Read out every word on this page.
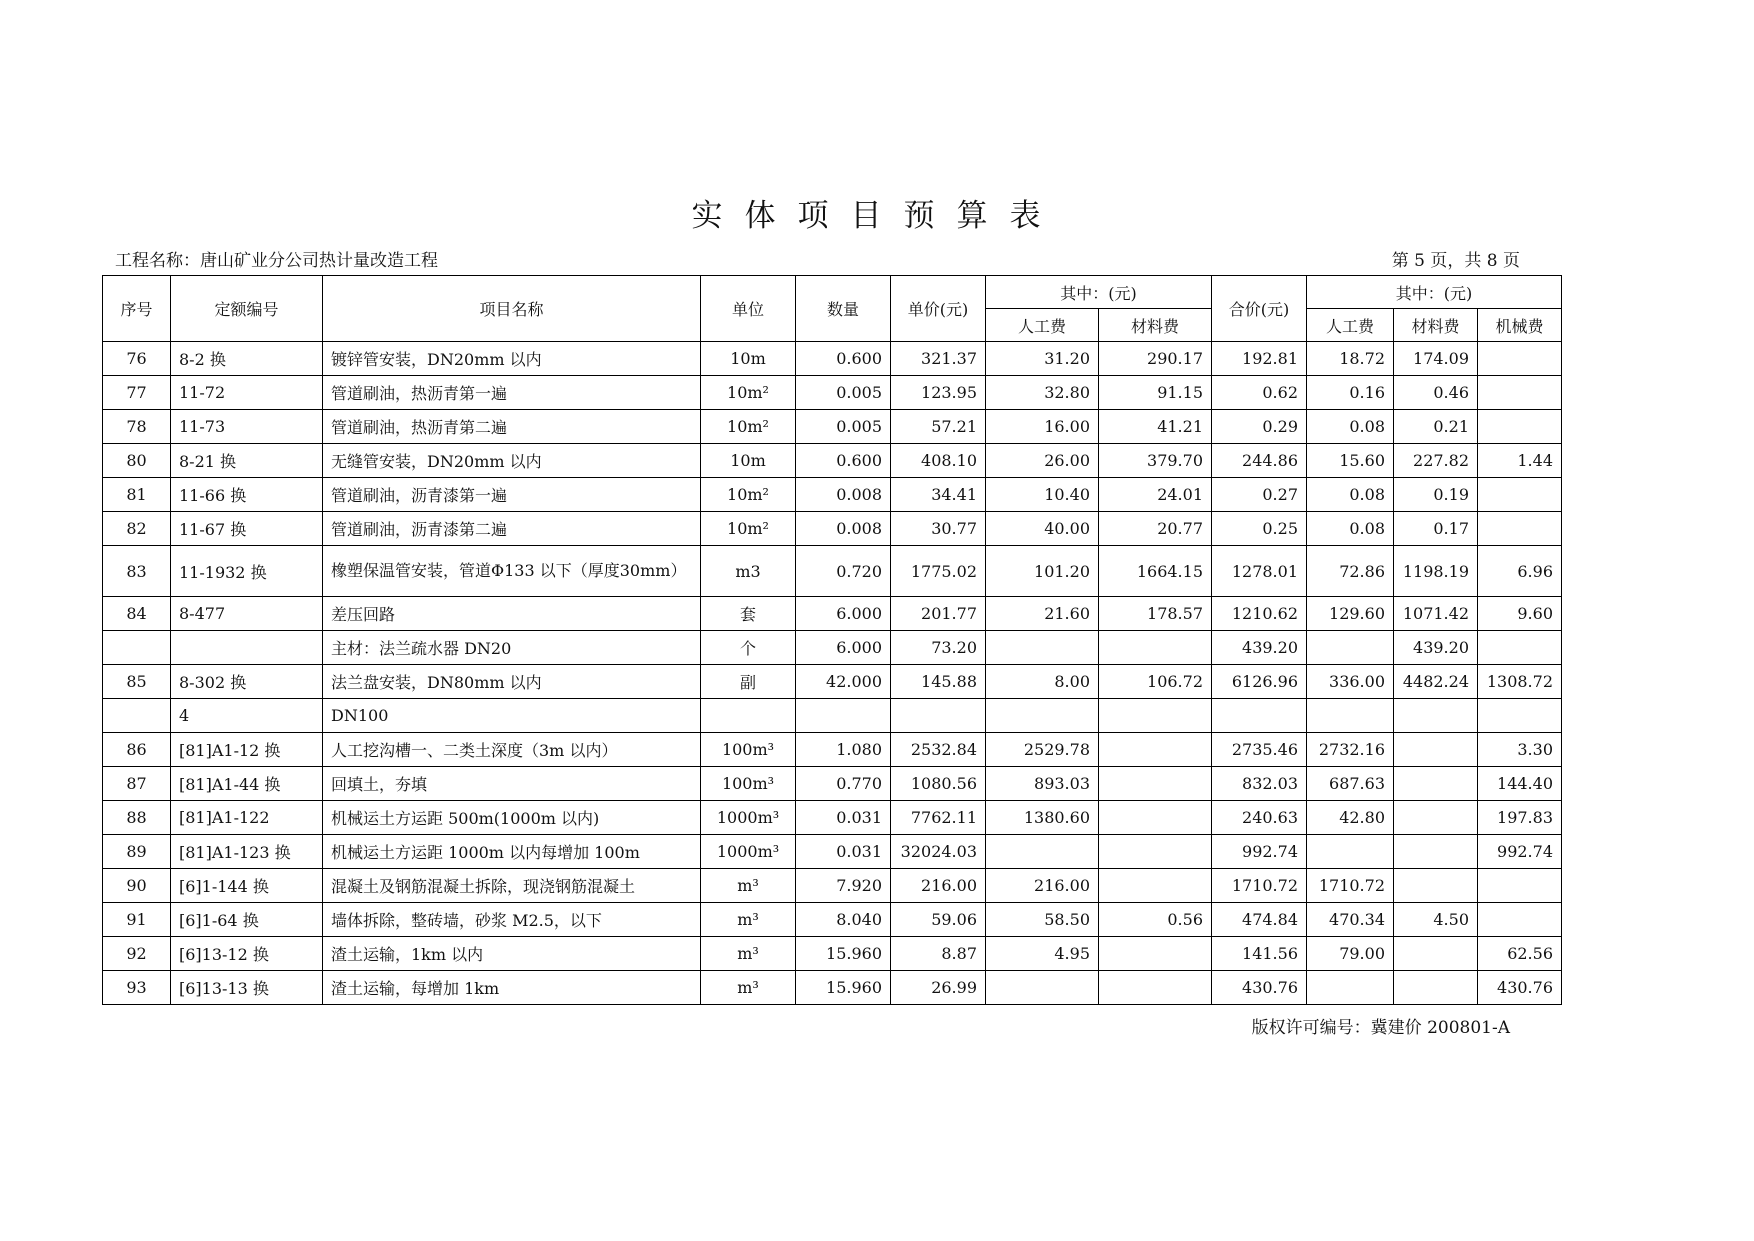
实体项目预算表
工程名称：唐山矿业分公司热计量改造工程	第 5 页，共 8 页
序号	定额编号	项目名称	单位	数量	单价(元)	其中：(元)		合价(元)	其中：(元)		
						人工费	材料费		人工费	材料费	机械费
76	8-2 换	镀锌管安装，DN20mm 以内	10m	0.600	321.37	31.20	290.17	192.81	18.72	174.09	
77	11-72	管道刷油，热沥青第一遍	10m²	0.005	123.95	32.80	91.15	0.62	0.16	0.46	
78	11-73	管道刷油，热沥青第二遍	10m²	0.005	57.21	16.00	41.21	0.29	0.08	0.21	
80	8-21 换	无缝管安装，DN20mm 以内	10m	0.600	408.10	26.00	379.70	244.86	15.60	227.82	1.44
81	11-66 换	管道刷油，沥青漆第一遍	10m²	0.008	34.41	10.40	24.01	0.27	0.08	0.19	
82	11-67 换	管道刷油，沥青漆第二遍	10m²	0.008	30.77	40.00	20.77	0.25	0.08	0.17	
83	11-1932 换	橡塑保温管安装，管道Φ133 以下（厚度30mm）	m3	0.720	1775.02	101.20	1664.15	1278.01	72.86	1198.19	6.96
84	8-477	差压回路	套	6.000	201.77	21.60	178.57	1210.62	129.60	1071.42	9.60
		主材：法兰疏水器 DN20	个	6.000	73.20			439.20		439.20	
85	8-302 换	法兰盘安装，DN80mm 以内	副	42.000	145.88	8.00	106.72	6126.96	336.00	4482.24	1308.72
	4	DN100									
86	[81]A1-12 换	人工挖沟槽一、二类土深度（3m 以内）	100m³	1.080	2532.84	2529.78		2735.46	2732.16		3.30
87	[81]A1-44 换	回填土，夯填	100m³	0.770	1080.56	893.03		832.03	687.63		144.40
88	[81]A1-122	机械运土方运距 500m(1000m 以内)	1000m³	0.031	7762.11	1380.60		240.63	42.80		197.83
89	[81]A1-123 换	机械运土方运距 1000m 以内每增加 100m	1000m³	0.031	32024.03			992.74			992.74
90	[6]1-144 换	混凝土及钢筋混凝土拆除，现浇钢筋混凝土	m³	7.920	216.00	216.00		1710.72	1710.72		
91	[6]1-64 换	墙体拆除，整砖墙，砂浆 M2.5，以下	m³	8.040	59.06	58.50	0.56	474.84	470.34	4.50	
92	[6]13-12 换	渣土运输，1km 以内	m³	15.960	8.87	4.95		141.56	79.00		62.56
93	[6]13-13 换	渣土运输，每增加 1km	m³	15.960	26.99			430.76			430.76
版权许可编号：冀建价 200801-A
